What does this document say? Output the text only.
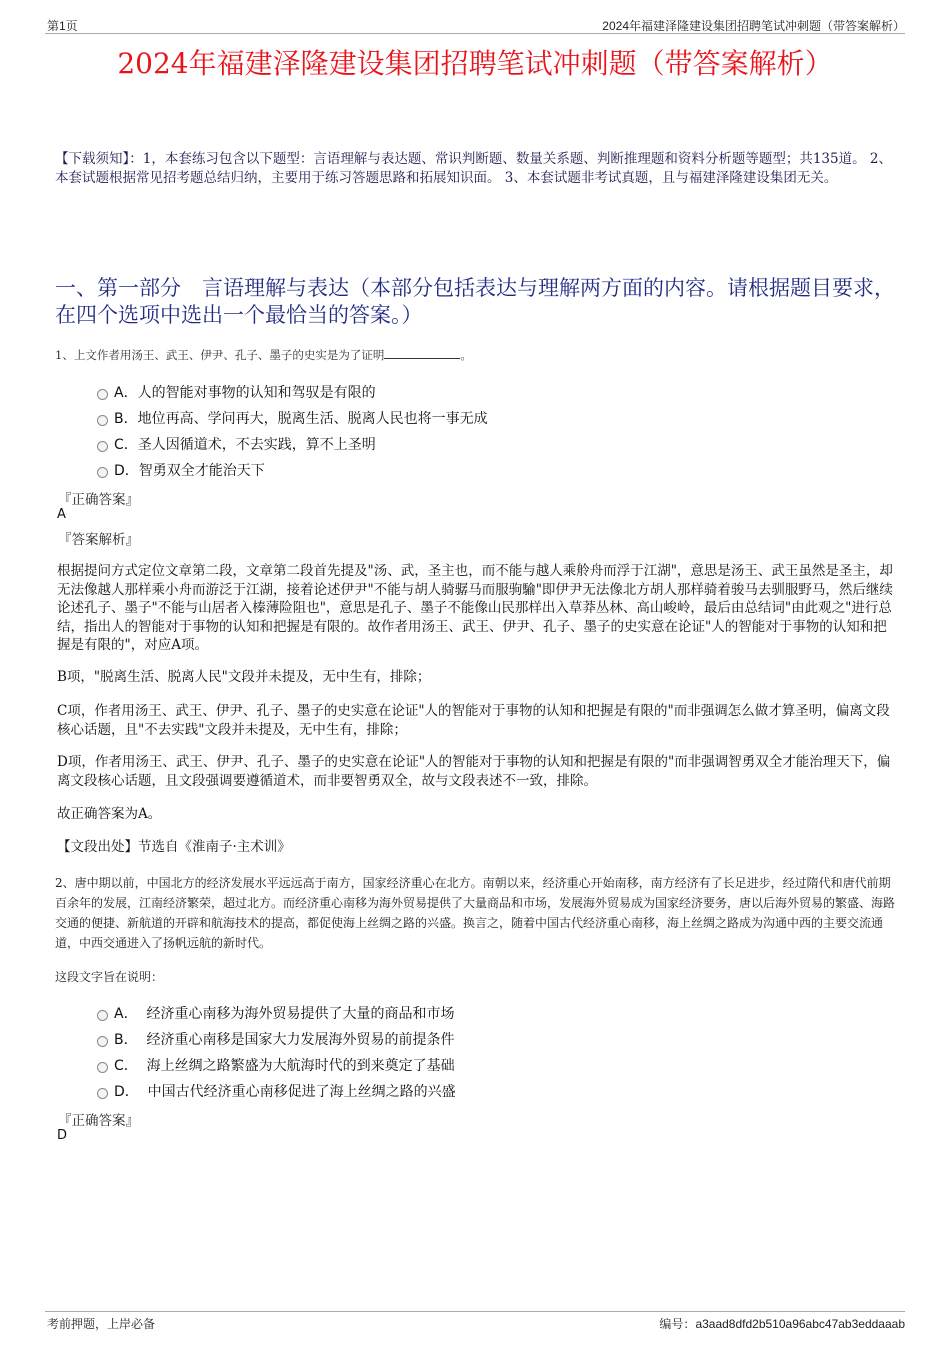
第1页	2024年福建泽隆建设集团招聘笔试冲刺题（带答案解析）
2024年福建泽隆建设集团招聘笔试冲刺题（带答案解析）
【下载须知】：1，本套练习包含以下题型：言语理解与表达题、常识判断题、数量关系题、判断推理题和资料分析题等题型；共135道。 2、本套试题根据常见招考题总结归纳，主要用于练习答题思路和拓展知识面。 3、本套试题非考试真题，且与福建泽隆建设集团无关。
一、第一部分　言语理解与表达（本部分包括表达与理解两方面的内容。请根据题目要求，在四个选项中选出一个最恰当的答案。）
1、上文作者用汤王、武王、伊尹、孔子、墨子的史实是为了证明	。
A．人的智能对事物的认知和驾驭是有限的
B．地位再高、学问再大，脱离生活、脱离人民也将一事无成
C．圣人因循道术，不去实践，算不上圣明
D．智勇双全才能治天下
『正确答案』
A
『答案解析』
根据提问方式定位文章第二段，文章第二段首先提及"汤、武，圣主也，而不能与越人乘舲舟而浮于江湖"，意思是汤王、武王虽然是圣主，却无法像越人那样乘小舟而游泛于江湖，接着论述伊尹"不能与胡人骑骣马而服驹騟"即伊尹无法像北方胡人那样骑着骏马去驯服野马，然后继续论述孔子、墨子"不能与山居者入榛薄险阻也"，意思是孔子、墨子不能像山民那样出入草莽丛林、高山峻岭，最后由总结词"由此观之"进行总结，指出人的智能对于事物的认知和把握是有限的。故作者用汤王、武王、伊尹、孔子、墨子的史实意在论证"人的智能对于事物的认知和把握是有限的"，对应A项。
B项，"脱离生活、脱离人民"文段并未提及，无中生有，排除；
C项，作者用汤王、武王、伊尹、孔子、墨子的史实意在论证"人的智能对于事物的认知和把握是有限的"而非强调怎么做才算圣明，偏离文段核心话题，且"不去实践"文段并未提及，无中生有，排除；
D项，作者用汤王、武王、伊尹、孔子、墨子的史实意在论证"人的智能对于事物的认知和把握是有限的"而非强调智勇双全才能治理天下，偏离文段核心话题，且文段强调要遵循道术，而非要智勇双全，故与文段表述不一致，排除。
故正确答案为A。
【文段出处】节选自《淮南子·主术训》
2、唐中期以前，中国北方的经济发展水平远远高于南方，国家经济重心在北方。南朝以来，经济重心开始南移，南方经济有了长足进步，经过隋代和唐代前期百余年的发展，江南经济繁荣，超过北方。而经济重心南移为海外贸易提供了大量商品和市场，发展海外贸易成为国家经济要务，唐以后海外贸易的繁盛、海路交通的便捷、新航道的开辟和航海技术的提高，都促使海上丝绸之路的兴盛。换言之，随着中国古代经济重心南移，海上丝绸之路成为沟通中西的主要交流通道，中西交通进入了扬帆远航的新时代。
这段文字旨在说明：
A．  经济重心南移为海外贸易提供了大量的商品和市场
B．  经济重心南移是国家大力发展海外贸易的前提条件
C．  海上丝绸之路繁盛为大航海时代的到来奠定了基础
D．  中国古代经济重心南移促进了海上丝绸之路的兴盛
『正确答案』
D
考前押题，上岸必备	编号：a3aad8dfd2b510a96abc47ab3eddaaab
